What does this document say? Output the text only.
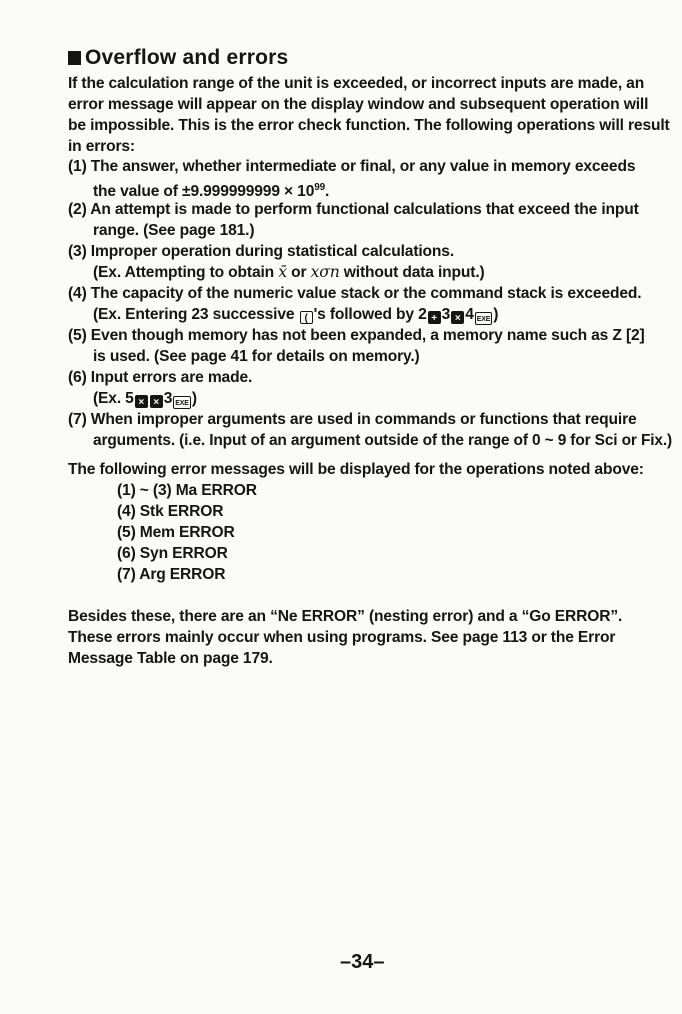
Overflow and errors
If the calculation range of the unit is exceeded, or incorrect inputs are made, an
error message will appear on the display window and subsequent operation will
be impossible. This is the error check function. The following operations will result
in errors:
(1) The answer, whether intermediate or final, or any value in memory exceeds
the value of $\pm 9.999999999 \times 10^{99}$.
(2) An attempt is made to perform functional calculations that exceed the input
range. (See page 181.)
(3) Improper operation during statistical calculations.
(Ex. Attempting to obtain x̄ or xσn without data input.)
(4) The capacity of the numeric value stack or the command stack is exceeded.
(Ex. Entering 23 successive ( 's followed by 2 + 3 × 4 EXE )
(5) Even though memory has not been expanded, a memory name such as Z [2]
is used. (See page 41 for details on memory.)
(6) Input errors are made.
(Ex. 5 × × 3 EXE )
(7) When improper arguments are used in commands or functions that require
arguments. (i.e. Input of an argument outside of the range of 0 ~ 9 for Sci or Fix.)
The following error messages will be displayed for the operations noted above:
(1) ~ (3) Ma ERROR
(4) Stk ERROR
(5) Mem ERROR
(6) Syn ERROR
(7) Arg ERROR
Besides these, there are an “Ne ERROR” (nesting error) and a “Go ERROR”.
These errors mainly occur when using programs. See page 113 or the Error
Message Table on page 179.
–34–
